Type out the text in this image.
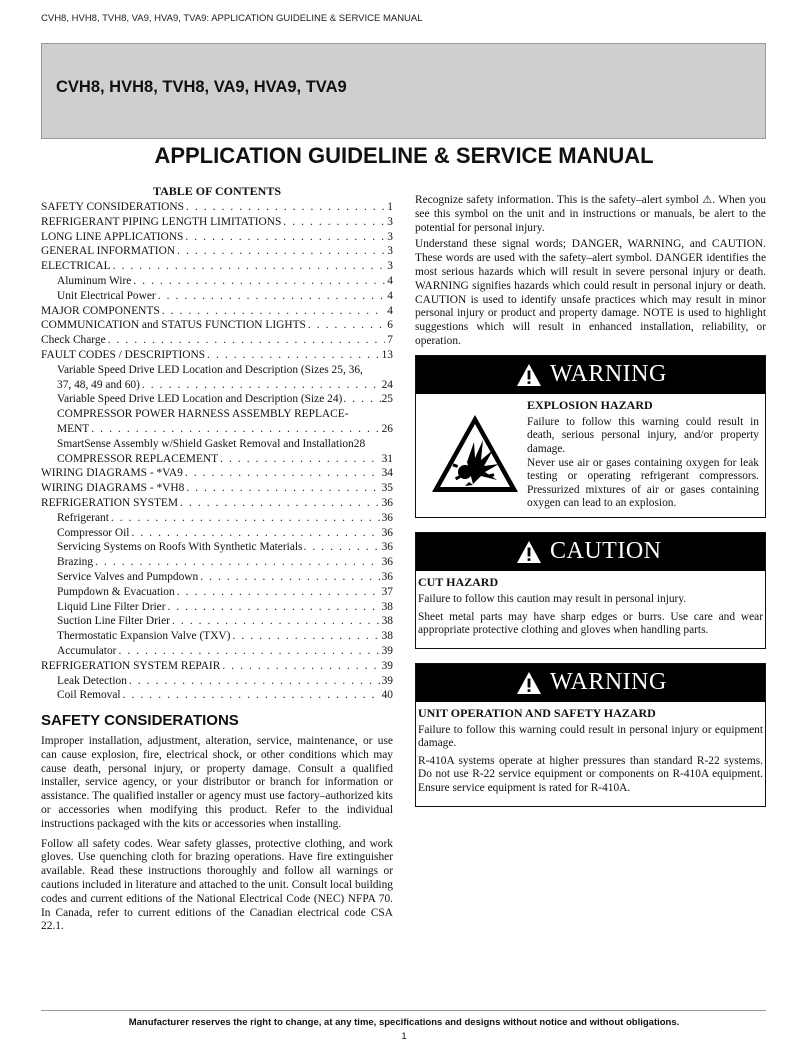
CVH8, HVH8, TVH8, VA9, HVA9, TVA9: APPLICATION GUIDELINE & SERVICE MANUAL
CVH8, HVH8, TVH8, VA9, HVA9, TVA9
APPLICATION GUIDELINE & SERVICE MANUAL
TABLE OF CONTENTS
SAFETY CONSIDERATIONS . . .	1
REFRIGERANT PIPING LENGTH LIMITATIONS . . .	3
LONG LINE APPLICATIONS . . .	3
GENERAL INFORMATION . . .	3
ELECTRICAL . . .	3
Aluminum Wire . . .	4
Unit Electrical Power . . .	4
MAJOR COMPONENTS . . .	4
COMMUNICATION and STATUS FUNCTION LIGHTS . . .	6
Check Charge . . .	7
FAULT CODES / DESCRIPTIONS . . .	13
Variable Speed Drive LED Location and Description (Sizes 25, 36,
37, 48, 49 and 60) . . .	24
Variable Speed Drive LED Location and Description (Size 24) . . .	25
COMPRESSOR POWER HARNESS ASSEMBLY REPLACE-
MENT . . .	26
SmartSense Assembly w/Shield Gasket Removal and Installation 28
COMPRESSOR REPLACEMENT . . .	31
WIRING DIAGRAMS - *VA9 . . .	34
WIRING DIAGRAMS - *VH8 . . .	35
REFRIGERATION SYSTEM . . .	36
Refrigerant . . .	36
Compressor Oil . . .	36
Servicing Systems on Roofs With Synthetic Materials . . .	36
Brazing . . .	36
Service Valves and Pumpdown . . .	36
Pumpdown & Evacuation . . .	37
Liquid Line Filter Drier . . .	38
Suction Line Filter Drier . . .	38
Thermostatic Expansion Valve (TXV) . . .	38
Accumulator . . .	39
REFRIGERATION SYSTEM REPAIR . . .	39
Leak Detection . . .	39
Coil Removal . . .	40
SAFETY CONSIDERATIONS

Improper installation, adjustment, alteration, service, maintenance, or use can cause explosion, fire, electrical shock, or other conditions which may cause death, personal injury, or property damage. Consult a qualified installer, service agency, or your distributor or branch for information or assistance. The qualified installer or agency must use factory–authorized kits or accessories when modifying this product. Refer to the individual instructions packaged with the kits or accessories when installing.

Follow all safety codes. Wear safety glasses, protective clothing, and work gloves. Use quenching cloth for brazing operations. Have fire extinguisher available. Read these instructions thoroughly and follow all warnings or cautions included in literature and attached to the unit. Consult local building codes and current editions of the National Electrical Code (NEC) NFPA 70. In Canada, refer to current editions of the Canadian electrical code CSA 22.1.

Recognize safety information. This is the safety–alert symbol ⚠. When you see this symbol on the unit and in instructions or manuals, be alert to the potential for personal injury.

Understand these signal words; DANGER, WARNING, and CAUTION. These words are used with the safety–alert symbol. DANGER identifies the most serious hazards which will result in severe personal injury or death. WARNING signifies hazards which could result in personal injury or death. CAUTION is used to identify unsafe practices which may result in minor personal injury or product and property damage. NOTE is used to highlight suggestions which will result in enhanced installation, reliability, or operation.

WARNING
EXPLOSION HAZARD

Failure to follow this warning could result in death, serious personal injury, and/or property damage.

Never use air or gases containing oxygen for leak testing or operating refrigerant compressors. Pressurized mixtures of air or gases containing oxygen can lead to an explosion.

CAUTION
CUT HAZARD

Failure to follow this caution may result in personal injury.

Sheet metal parts may have sharp edges or burrs. Use care and wear appropriate protective clothing and gloves when handling parts.

WARNING
UNIT OPERATION AND SAFETY HAZARD

Failure to follow this warning could result in personal injury or equipment damage.

R-410A systems operate at higher pressures than standard R-22 systems. Do not use R-22 service equipment or components on R-410A equipment. Ensure service equipment is rated for R-410A.

Manufacturer reserves the right to change, at any time, specifications and designs without notice and without obligations.
1
